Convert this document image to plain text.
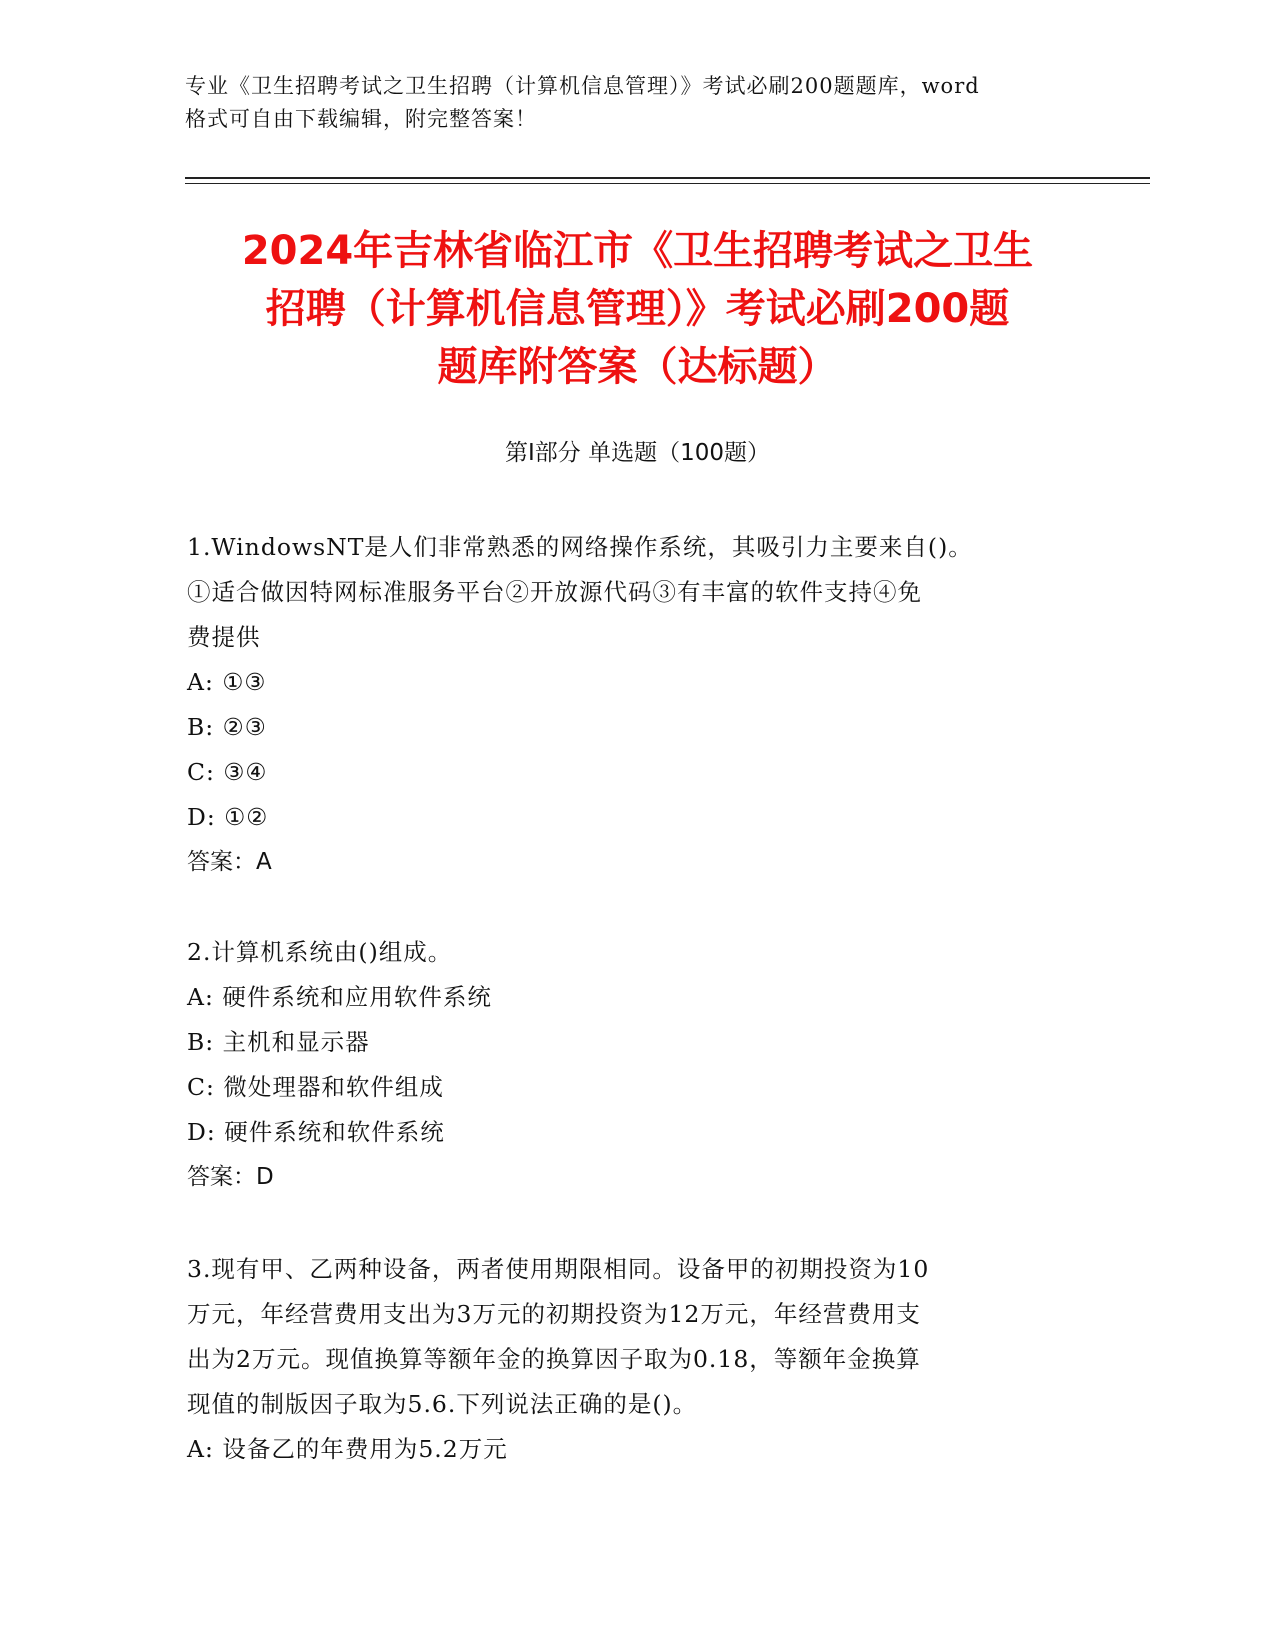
专业《卫生招聘考试之卫生招聘（计算机信息管理）》考试必刷200题题库，word
格式可自由下载编辑，附完整答案！
2024年吉林省临江市《卫生招聘考试之卫生
招聘（计算机信息管理）》考试必刷200题
题库附答案（达标题）
第Ⅰ部分 单选题（100题）
1.WindowsNT是人们非常熟悉的网络操作系统，其吸引力主要来自()。
①适合做因特网标准服务平台②开放源代码③有丰富的软件支持④免
费提供
A: ①③
B: ②③
C: ③④
D: ①②
答案：A
2.计算机系统由()组成。
A: 硬件系统和应用软件系统
B: 主机和显示器
C: 微处理器和软件组成
D: 硬件系统和软件系统
答案：D
3.现有甲、乙两种设备，两者使用期限相同。设备甲的初期投资为10
万元，年经营费用支出为3万元的初期投资为12万元，年经营费用支
出为2万元。现值换算等额年金的换算因子取为0.18，等额年金换算
现值的制版因子取为5.6.下列说法正确的是()。
A: 设备乙的年费用为5.2万元
